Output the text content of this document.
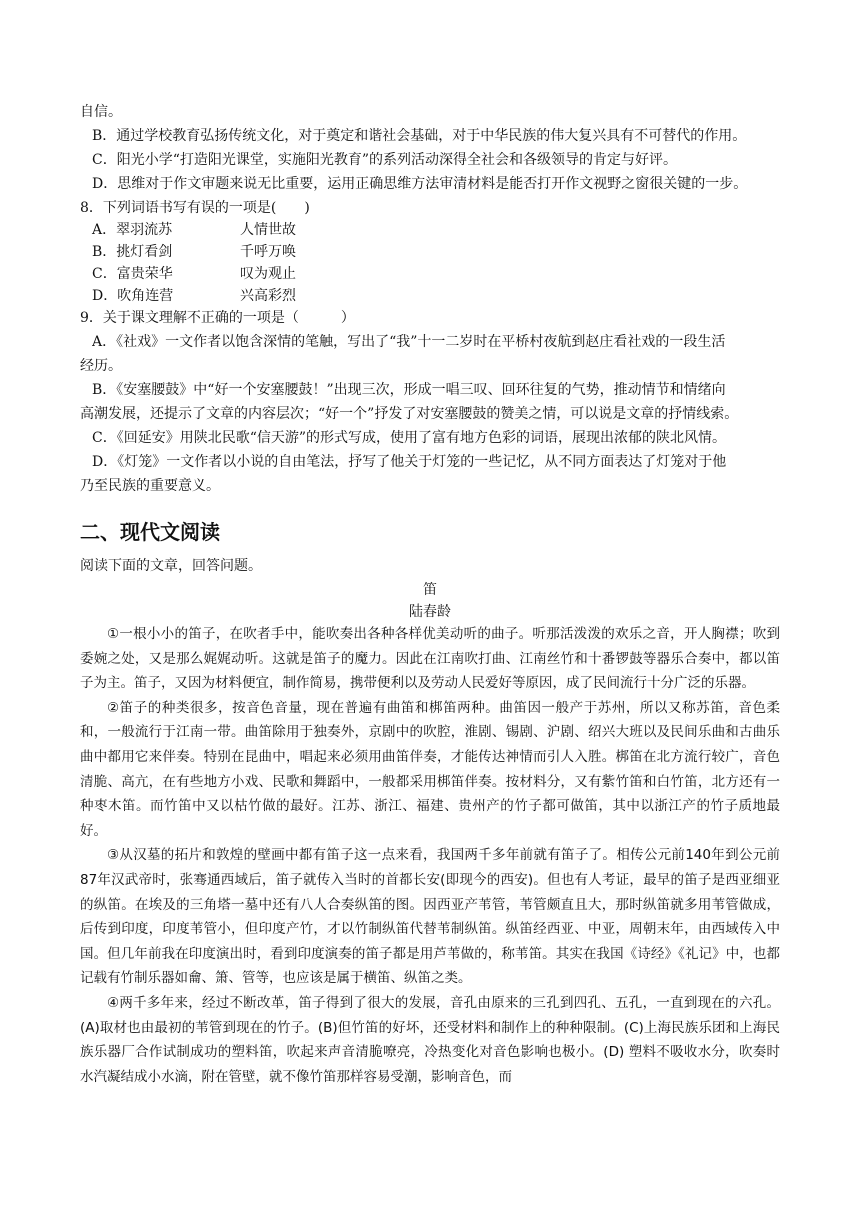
自信。
B．通过学校教育弘扬传统文化，对于奠定和谐社会基础，对于中华民族的伟大复兴具有不可替代的作用。
C．阳光小学“打造阳光课堂，实施阳光教育”的系列活动深得全社会和各级领导的肯定与好评。
D．思维对于作文审题来说无比重要，运用正确思维方法审清材料是能否打开作文视野之窗很关键的一步。
8．下列词语书写有误的一项是(　　)
A．翠羽流苏	人情世故
B．挑灯看剑	千呼万唤
C．富贵荣华	叹为观止
D．吹角连营	兴高彩烈
9．关于课文理解不正确的一项是（　　　）
A．《社戏》一文作者以饱含深情的笔触，写出了“我”十一二岁时在平桥村夜航到赵庄看社戏的一段生活
经历。
B．《安塞腰鼓》中“好一个安塞腰鼓！”出现三次，形成一唱三叹、回环往复的气势，推动情节和情绪向
高潮发展，还提示了文章的内容层次；“好一个”抒发了对安塞腰鼓的赞美之情，可以说是文章的抒情线索。
C．《回延安》用陕北民歌“信天游”的形式写成，使用了富有地方色彩的词语，展现出浓郁的陕北风情。
D．《灯笼》一文作者以小说的自由笔法，抒写了他关于灯笼的一些记忆，从不同方面表达了灯笼对于他
乃至民族的重要意义。
二、现代文阅读
阅读下面的文章，回答问题。
笛
陆春龄

①一根小小的笛子，在吹者手中，能吹奏出各种各样优美动听的曲子。听那活泼泼的欢乐之音，开人胸襟；吹到委婉之处，又是那么娓娓动听。这就是笛子的魔力。因此在江南吹打曲、江南丝竹和十番锣鼓等器乐合奏中，都以笛子为主。笛子，又因为材料便宜，制作简易，携带便利以及劳动人民爱好等原因，成了民间流行十分广泛的乐器。

②笛子的种类很多，按音色音量，现在普遍有曲笛和梆笛两种。曲笛因一般产于苏州，所以又称苏笛，音色柔和，一般流行于江南一带。曲笛除用于独奏外，京剧中的吹腔，淮剧、锡剧、沪剧、绍兴大班以及民间乐曲和古曲乐曲中都用它来伴奏。特别在昆曲中，唱起来必须用曲笛伴奏，才能传达神情而引人入胜。梆笛在北方流行较广，音色清脆、高亢，在有些地方小戏、民歌和舞蹈中，一般都采用梆笛伴奏。按材料分，又有紫竹笛和白竹笛，北方还有一种枣木笛。而竹笛中又以枯竹做的最好。江苏、浙江、福建、贵州产的竹子都可做笛，其中以浙江产的竹子质地最好。

③从汉墓的拓片和敦煌的壁画中都有笛子这一点来看，我国两千多年前就有笛子了。相传公元前140年到公元前87年汉武帝时，张骞通西域后，笛子就传入当时的首都长安(即现今的西安)。但也有人考证，最早的笛子是西亚细亚的纵笛。在埃及的三角塔一墓中还有八人合奏纵笛的图。因西亚产苇管，苇管颇直且大，那时纵笛就多用苇管做成，后传到印度，印度苇管小，但印度产竹，才以竹制纵笛代替苇制纵笛。纵笛经西亚、中亚，周朝末年，由西域传入中国。但几年前我在印度演出时，看到印度演奏的笛子都是用芦苇做的，称苇笛。其实在我国《诗经》《礼记》中，也都记载有竹制乐器如龠、箫、管等，也应该是属于横笛、纵笛之类。

④两千多年来，经过不断改革，笛子得到了很大的发展，音孔由原来的三孔到四孔、五孔，一直到现在的六孔。(A)取材也由最初的苇管到现在的竹子。(B)但竹笛的好坏，还受材料和制作上的种种限制。(C)上海民族乐团和上海民族乐器厂合作试制成功的塑料笛，吹起来声音清脆嘹亮，冷热变化对音色影响也极小。(D) 塑料不吸收水分，吹奏时水汽凝结成小水滴，附在管壁，就不像竹笛那样容易受潮，影响音色，而
